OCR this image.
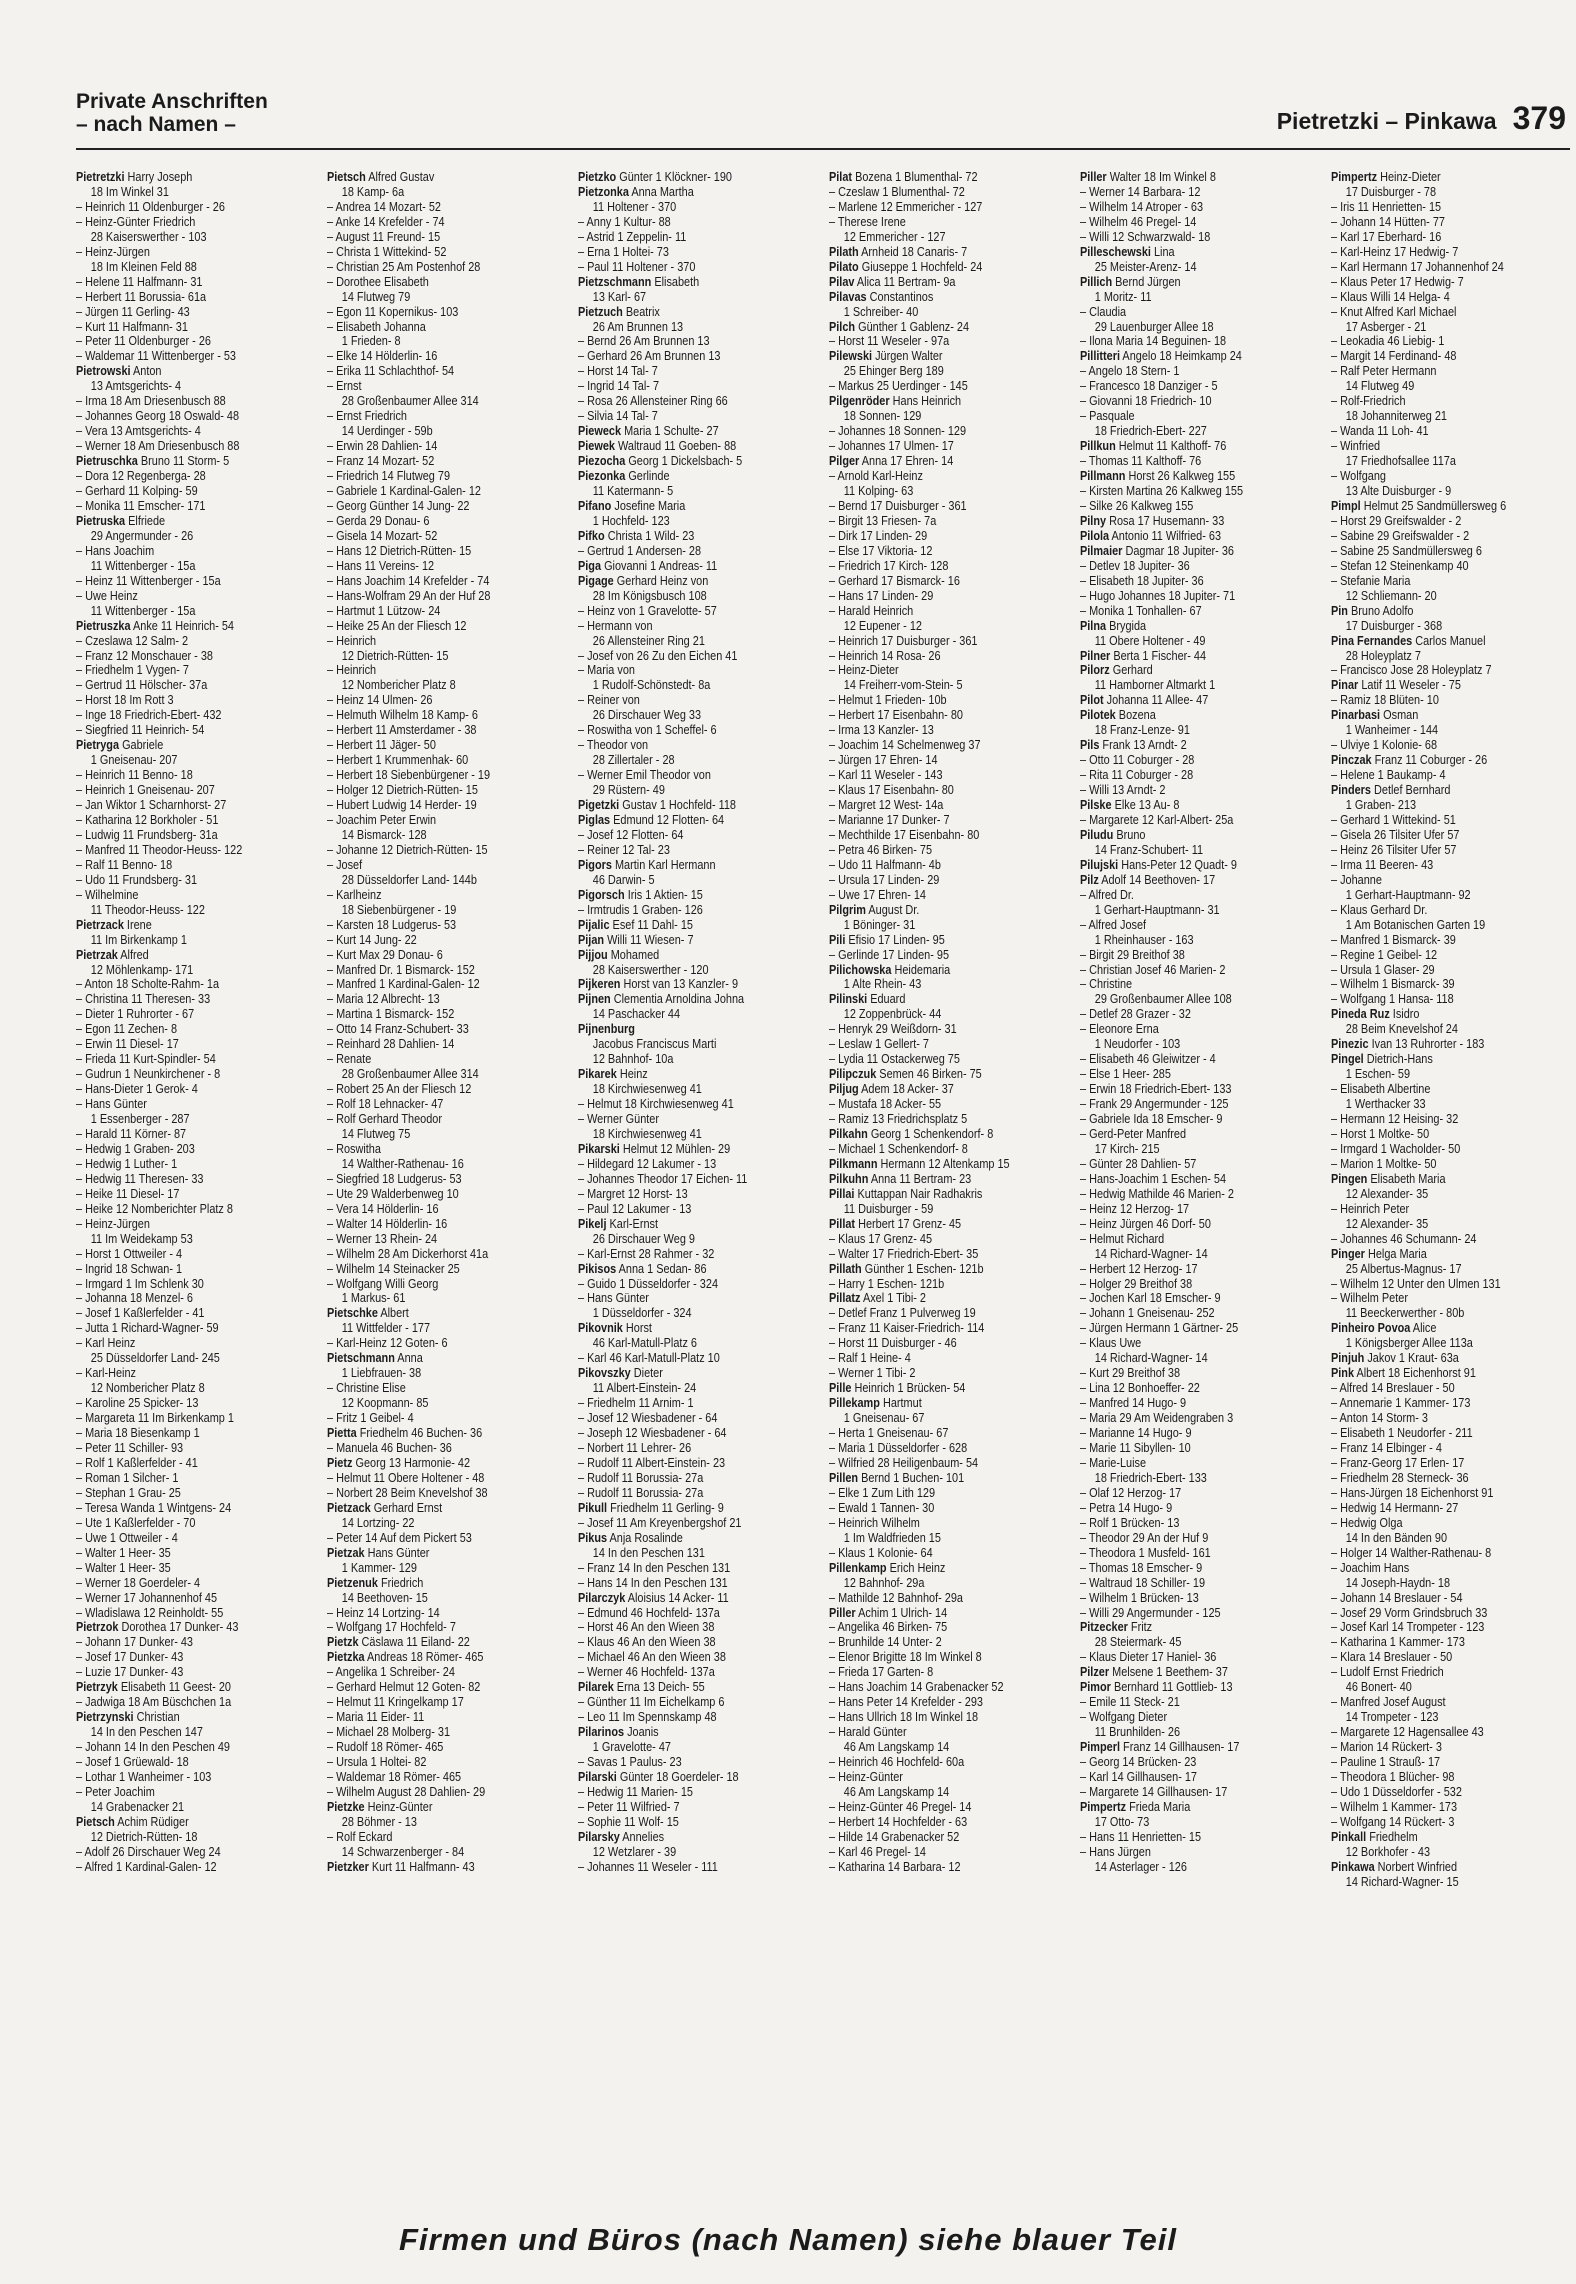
Private Anschriften
– nach Namen –	Pietretzki – Pinkawa 379
Pietretzki Harry Joseph
18 Im Winkel 31
– Heinrich 11 Oldenburger - 26
– Heinz-Günter Friedrich
28 Kaiserswerther - 103
– Heinz-Jürgen
18 Im Kleinen Feld 88
– Helene 11 Halfmann- 31
– Herbert 11 Borussia- 61a
– Jürgen 11 Gerling- 43
– Kurt 11 Halfmann- 31
– Peter 11 Oldenburger - 26
– Waldemar 11 Wittenberger - 53
Pietrowski Anton
13 Amtsgerichts- 4
– Irma 18 Am Driesenbusch 88
– Johannes Georg 18 Oswald- 48
– Vera 13 Amtsgerichts- 4
– Werner 18 Am Driesenbusch 88
Pietruschka Bruno 11 Storm- 5
– Dora 12 Regenberga- 28
– Gerhard 11 Kolping- 59
– Monika 11 Emscher- 171
Pietruska Elfriede
29 Angermunder - 26
– Hans Joachim
11 Wittenberger - 15a
– Heinz 11 Wittenberger - 15a
– Uwe Heinz
11 Wittenberger - 15a
Pietruszka Anke 11 Heinrich- 54
– Czeslawa 12 Salm- 2
– Franz 12 Monschauer - 38
– Friedhelm 1 Vygen- 7
– Gertrud 11 Hölscher- 37a
– Horst 18 Im Rott 3
– Inge 18 Friedrich-Ebert- 432
– Siegfried 11 Heinrich- 54
Pietryga Gabriele
1 Gneisenau- 207
– Heinrich 11 Benno- 18
– Heinrich 1 Gneisenau- 207
– Jan Wiktor 1 Scharnhorst- 27
– Katharina 12 Borkholer - 51
– Ludwig 11 Frundsberg- 31a
– Manfred 11 Theodor-Heuss- 122
– Ralf 11 Benno- 18
– Udo 11 Frundsberg- 31
– Wilhelmine
11 Theodor-Heuss- 122
Pietrzack Irene
11 Im Birkenkamp 1
Pietrzak Alfred
12 Möhlenkamp- 171
– Anton 18 Scholte-Rahm- 1a
– Christina 11 Theresen- 33
– Dieter 1 Ruhrorter - 67
– Egon 11 Zechen- 8
– Erwin 11 Diesel- 17
– Frieda 11 Kurt-Spindler- 54
– Gudrun 1 Neunkirchener - 8
– Hans-Dieter 1 Gerok- 4
– Hans Günter
1 Essenberger - 287
– Harald 11 Körner- 87
– Hedwig 1 Graben- 203
– Hedwig 1 Luther- 1
– Hedwig 11 Theresen- 33
– Heike 11 Diesel- 17
– Heike 12 Nomberichter Platz 8
– Heinz-Jürgen
11 Im Weidekamp 53
– Horst 1 Ottweiler - 4
– Ingrid 18 Schwan- 1
– Irmgard 1 Im Schlenk 30
– Johanna 18 Menzel- 6
– Josef 1 Kaßlerfelder - 41
– Jutta 1 Richard-Wagner- 59
– Karl Heinz
25 Düsseldorfer Land- 245
– Karl-Heinz
12 Nombericher Platz 8
– Karoline 25 Spicker- 13
– Margareta 11 Im Birkenkamp 1
– Maria 18 Biesenkamp 1
– Peter 11 Schiller- 93
– Rolf 1 Kaßlerfelder - 41
– Roman 1 Silcher- 1
– Stephan 1 Grau- 25
– Teresa Wanda 1 Wintgens- 24
– Ute 1 Kaßlerfelder - 70
– Uwe 1 Ottweiler - 4
– Walter 1 Heer- 35
– Walter 1 Heer- 35
– Werner 18 Goerdeler- 4
– Werner 17 Johannenhof 45
– Wladislawa 12 Reinholdt- 55
Pietrzok Dorothea 17 Dunker- 43
– Johann 17 Dunker- 43
– Josef 17 Dunker- 43
– Luzie 17 Dunker- 43
Pietrzyk Elisabeth 11 Geest- 20
– Jadwiga 18 Am Büschchen 1a
Pietrzynski Christian
14 In den Peschen 147
– Johann 14 In den Peschen 49
– Josef 1 Grüewald- 18
– Lothar 1 Wanheimer - 103
– Peter Joachim
14 Grabenacker 21
Pietsch Achim Rüdiger
12 Dietrich-Rütten- 18
– Adolf 26 Dirschauer Weg 24
– Alfred 1 Kardinal-Galen- 12
Pietsch Alfred Gustav
18 Kamp- 6a
– Andrea 14 Mozart- 52
– Anke 14 Krefelder - 74
– August 11 Freund- 15
– Christa 1 Wittekind- 52
– Christian 25 Am Postenhof 28
– Dorothee Elisabeth
14 Flutweg 79
– Egon 11 Kopernikus- 103
– Elisabeth Johanna
1 Frieden- 8
– Elke 14 Hölderlin- 16
– Erika 11 Schlachthof- 54
– Ernst
28 Großenbaumer Allee 314
– Ernst Friedrich
14 Uerdinger - 59b
– Erwin 28 Dahlien- 14
– Franz 14 Mozart- 52
– Friedrich 14 Flutweg 79
– Gabriele 1 Kardinal-Galen- 12
– Georg Günther 14 Jung- 22
– Gerda 29 Donau- 6
– Gisela 14 Mozart- 52
– Hans 12 Dietrich-Rütten- 15
– Hans 11 Vereins- 12
– Hans Joachim 14 Krefelder - 74
– Hans-Wolfram 29 An der Huf 28
– Hartmut 1 Lützow- 24
– Heike 25 An der Fliesch 12
– Heinrich
12 Dietrich-Rütten- 15
– Heinrich
12 Nombericher Platz 8
– Heinz 14 Ulmen- 26
– Helmuth Wilhelm 18 Kamp- 6
– Herbert 11 Amsterdamer - 38
– Herbert 11 Jäger- 50
– Herbert 1 Krummenhak- 60
– Herbert 18 Siebenbürgener - 19
– Holger 12 Dietrich-Rütten- 15
– Hubert Ludwig 14 Herder- 19
– Joachim Peter Erwin
14 Bismarck- 128
– Johanne 12 Dietrich-Rütten- 15
– Josef
28 Düsseldorfer Land- 144b
– Karlheinz
18 Siebenbürgener - 19
– Karsten 18 Ludgerus- 53
– Kurt 14 Jung- 22
– Kurt Max 29 Donau- 6
– Manfred Dr. 1 Bismarck- 152
– Manfred 1 Kardinal-Galen- 12
– Maria 12 Albrecht- 13
– Martina 1 Bismarck- 152
– Otto 14 Franz-Schubert- 33
– Reinhard 28 Dahlien- 14
– Renate
28 Großenbaumer Allee 314
– Robert 25 An der Fliesch 12
– Rolf 18 Lehnacker- 47
– Rolf Gerhard Theodor
14 Flutweg 75
– Roswitha
14 Walther-Rathenau- 16
– Siegfried 18 Ludgerus- 53
– Ute 29 Walderbenweg 10
– Vera 14 Hölderlin- 16
– Walter 14 Hölderlin- 16
– Werner 13 Rhein- 24
– Wilhelm 28 Am Dickerhorst 41a
– Wilhelm 14 Steinacker 25
– Wolfgang Willi Georg
1 Markus- 61
Pietschke Albert
11 Wittfelder - 177
– Karl-Heinz 12 Goten- 6
Pietschmann Anna
1 Liebfrauen- 38
– Christine Elise
12 Koopmann- 85
– Fritz 1 Geibel- 4
Pietta Friedhelm 46 Buchen- 36
– Manuela 46 Buchen- 36
Pietz Georg 13 Harmonie- 42
– Helmut 11 Obere Holtener - 48
– Norbert 28 Beim Knevelshof 38
Pietzack Gerhard Ernst
14 Lortzing- 22
– Peter 14 Auf dem Pickert 53
Pietzak Hans Günter
1 Kammer- 129
Pietzenuk Friedrich
14 Beethoven- 15
– Heinz 14 Lortzing- 14
– Wolfgang 17 Hochfeld- 7
Pietzk Cäslawa 11 Eiland- 22
Pietzka Andreas 18 Römer- 465
– Angelika 1 Schreiber- 24
– Gerhard Helmut 12 Goten- 82
– Helmut 11 Kringelkamp 17
– Maria 11 Eider- 11
– Michael 28 Molberg- 31
– Rudolf 18 Römer- 465
– Ursula 1 Holtei- 82
– Waldemar 18 Römer- 465
– Wilhelm August 28 Dahlien- 29
Pietzke Heinz-Günter
28 Böhmer - 13
– Rolf Eckard
14 Schwarzenberger - 84
Pietzker Kurt 11 Halfmann- 43
Pietzko Günter 1 Klöckner- 190
Pietzonka Anna Martha
11 Holtener - 370
– Anny 1 Kultur- 88
– Astrid 1 Zeppelin- 11
– Erna 1 Holtei- 73
– Paul 11 Holtener - 370
Pietzschmann Elisabeth
13 Karl- 67
Pietzuch Beatrix
26 Am Brunnen 13
– Bernd 26 Am Brunnen 13
– Gerhard 26 Am Brunnen 13
– Horst 14 Tal- 7
– Ingrid 14 Tal- 7
– Rosa 26 Allensteiner Ring 66
– Silvia 14 Tal- 7
Pieweck Maria 1 Schulte- 27
Piewek Waltraud 11 Goeben- 88
Piezocha Georg 1 Dickelsbach- 5
Piezonka Gerlinde
11 Katermann- 5
Pifano Josefine Maria
1 Hochfeld- 123
Pifko Christa 1 Wild- 23
– Gertrud 1 Andersen- 28
Piga Giovanni 1 Andreas- 11
Pigage Gerhard Heinz von
28 Im Königsbusch 108
– Heinz von 1 Gravelotte- 57
– Hermann von
26 Allensteiner Ring 21
– Josef von 26 Zu den Eichen 41
– Maria von
1 Rudolf-Schönstedt- 8a
– Reiner von
26 Dirschauer Weg 33
– Roswitha von 1 Scheffel- 6
– Theodor von
28 Zillertaler - 28
– Werner Emil Theodor von
29 Rüstern- 49
Pigetzki Gustav 1 Hochfeld- 118
Piglas Edmund 12 Flotten- 64
– Josef 12 Flotten- 64
– Reiner 12 Tal- 23
Pigors Martin Karl Hermann
46 Darwin- 5
Pigorsch Iris 1 Aktien- 15
– Irmtrudis 1 Graben- 126
Pijalic Esef 11 Dahl- 15
Pijan Willi 11 Wiesen- 7
Pijjou Mohamed
28 Kaiserswerther - 120
Pijkeren Horst van 13 Kanzler- 9
Pijnen Clementia Arnoldina Johna
14 Paschacker 44
Pijnenburg
Jacobus Franciscus Marti
12 Bahnhof- 10a
Pikarek Heinz
18 Kirchwiesenweg 41
– Helmut 18 Kirchwiesenweg 41
– Werner Günter
18 Kirchwiesenweg 41
Pikarski Helmut 12 Mühlen- 29
– Hildegard 12 Lakumer - 13
– Johannes Theodor 17 Eichen- 11
– Margret 12 Horst- 13
– Paul 12 Lakumer - 13
Pikelj Karl-Ernst
26 Dirschauer Weg 9
– Karl-Ernst 28 Rahmer - 32
Pikisos Anna 1 Sedan- 86
– Guido 1 Düsseldorfer - 324
– Hans Günter
1 Düsseldorfer - 324
Pikovnik Horst
46 Karl-Matull-Platz 6
– Karl 46 Karl-Matull-Platz 10
Pikovszky Dieter
11 Albert-Einstein- 24
– Friedhelm 11 Arnim- 1
– Josef 12 Wiesbadener - 64
– Joseph 12 Wiesbadener - 64
– Norbert 11 Lehrer- 26
– Rudolf 11 Albert-Einstein- 23
– Rudolf 11 Borussia- 27a
– Rudolf 11 Borussia- 27a
Pikull Friedhelm 11 Gerling- 9
– Josef 11 Am Kreyenbergshof 21
Pikus Anja Rosalinde
14 In den Peschen 131
– Franz 14 In den Peschen 131
– Hans 14 In den Peschen 131
Pilarczyk Aloisius 14 Acker- 11
– Edmund 46 Hochfeld- 137a
– Horst 46 An den Wieen 38
– Klaus 46 An den Wieen 38
– Michael 46 An den Wieen 38
– Werner 46 Hochfeld- 137a
Pilarek Erna 13 Deich- 55
– Günther 11 Im Eichelkamp 6
– Leo 11 Im Spennskamp 48
Pilarinos Joanis
1 Gravelotte- 47
– Savas 1 Paulus- 23
Pilarski Günter 18 Goerdeler- 18
– Hedwig 11 Marien- 15
– Peter 11 Wilfried- 7
– Sophie 11 Wolf- 15
Pilarsky Annelies
12 Wetzlarer - 39
– Johannes 11 Weseler - 111
Pilat Bozena 1 Blumenthal- 72
– Czeslaw 1 Blumenthal- 72
– Marlene 12 Emmericher - 127
– Therese Irene
12 Emmericher - 127
Pilath Arnheid 18 Canaris- 7
Pilato Giuseppe 1 Hochfeld- 24
Pilav Alica 11 Bertram- 9a
Pilavas Constantinos
1 Schreiber- 40
Pilch Günther 1 Gablenz- 24
– Horst 11 Weseler - 97a
Pilewski Jürgen Walter
25 Ehinger Berg 189
– Markus 25 Uerdinger - 145
Pilgenröder Hans Heinrich
18 Sonnen- 129
– Johannes 18 Sonnen- 129
– Johannes 17 Ulmen- 17
Pilger Anna 17 Ehren- 14
– Arnold Karl-Heinz
11 Kolping- 63
– Bernd 17 Duisburger - 361
– Birgit 13 Friesen- 7a
– Dirk 17 Linden- 29
– Else 17 Viktoria- 12
– Friedrich 17 Kirch- 128
– Gerhard 17 Bismarck- 16
– Hans 17 Linden- 29
– Harald Heinrich
12 Eupener - 12
– Heinrich 17 Duisburger - 361
– Heinrich 14 Rosa- 26
– Heinz-Dieter
14 Freiherr-vom-Stein- 5
– Helmut 1 Frieden- 10b
– Herbert 17 Eisenbahn- 80
– Irma 13 Kanzler- 13
– Joachim 14 Schelmenweg 37
– Jürgen 17 Ehren- 14
– Karl 11 Weseler - 143
– Klaus 17 Eisenbahn- 80
– Margret 12 West- 14a
– Marianne 17 Dunker- 7
– Mechthilde 17 Eisenbahn- 80
– Petra 46 Birken- 75
– Udo 11 Halfmann- 4b
– Ursula 17 Linden- 29
– Uwe 17 Ehren- 14
Pilgrim August Dr.
1 Böninger- 31
Pili Efisio 17 Linden- 95
– Gerlinde 17 Linden- 95
Pilichowska Heidemaria
1 Alte Rhein- 43
Pilinski Eduard
12 Zoppenbrück- 44
– Henryk 29 Weißdorn- 31
– Leslaw 1 Gellert- 7
– Lydia 11 Ostackerweg 75
Pilipczuk Semen 46 Birken- 75
Piljug Adem 18 Acker- 37
– Mustafa 18 Acker- 55
– Ramiz 13 Friedrichsplatz 5
Pilkahn Georg 1 Schenkendorf- 8
– Michael 1 Schenkendorf- 8
Pilkmann Hermann 12 Altenkamp 15
Pilkuhn Anna 11 Bertram- 23
Pillai Kuttappan Nair Radhakris
11 Duisburger - 59
Pillat Herbert 17 Grenz- 45
– Klaus 17 Grenz- 45
– Walter 17 Friedrich-Ebert- 35
Pillath Günther 1 Eschen- 121b
– Harry 1 Eschen- 121b
Pillatz Axel 1 Tibi- 2
– Detlef Franz 1 Pulverweg 19
– Franz 11 Kaiser-Friedrich- 114
– Horst 11 Duisburger - 46
– Ralf 1 Heine- 4
– Werner 1 Tibi- 2
Pille Heinrich 1 Brücken- 54
Pillekamp Hartmut
1 Gneisenau- 67
– Herta 1 Gneisenau- 67
– Maria 1 Düsseldorfer - 628
– Wilfried 28 Heiligenbaum- 54
Pillen Bernd 1 Buchen- 101
– Elke 1 Zum Lith 129
– Ewald 1 Tannen- 30
– Heinrich Wilhelm
1 Im Waldfrieden 15
– Klaus 1 Kolonie- 64
Pillenkamp Erich Heinz
12 Bahnhof- 29a
– Mathilde 12 Bahnhof- 29a
Piller Achim 1 Ulrich- 14
– Angelika 46 Birken- 75
– Brunhilde 14 Unter- 2
– Elenor Brigitte 18 Im Winkel 8
– Frieda 17 Garten- 8
– Hans Joachim 14 Grabenacker 52
– Hans Peter 14 Krefelder - 293
– Hans Ullrich 18 Im Winkel 18
– Harald Günter
46 Am Langskamp 14
– Heinrich 46 Hochfeld- 60a
– Heinz-Günter
46 Am Langskamp 14
– Heinz-Günter 46 Pregel- 14
– Herbert 14 Hochfelder - 63
– Hilde 14 Grabenacker 52
– Karl 46 Pregel- 14
– Katharina 14 Barbara- 12
Piller Walter 18 Im Winkel 8
– Werner 14 Barbara- 12
– Wilhelm 14 Atroper - 63
– Wilhelm 46 Pregel- 14
– Willi 12 Schwarzwald- 18
Pilleschewski Lina
25 Meister-Arenz- 14
Pillich Bernd Jürgen
1 Moritz- 11
– Claudia
29 Lauenburger Allee 18
– Ilona Maria 14 Beguinen- 18
Pillitteri Angelo 18 Heimkamp 24
– Angelo 18 Stern- 1
– Francesco 18 Danziger - 5
– Giovanni 18 Friedrich- 10
– Pasquale
18 Friedrich-Ebert- 227
Pillkun Helmut 11 Kalthoff- 76
– Thomas 11 Kalthoff- 76
Pillmann Horst 26 Kalkweg 155
– Kirsten Martina 26 Kalkweg 155
– Silke 26 Kalkweg 155
Pilny Rosa 17 Husemann- 33
Pilola Antonio 11 Wilfried- 63
Pilmaier Dagmar 18 Jupiter- 36
– Detlev 18 Jupiter- 36
– Elisabeth 18 Jupiter- 36
– Hugo Johannes 18 Jupiter- 71
– Monika 1 Tonhallen- 67
Pilna Brygida
11 Obere Holtener - 49
Pilner Berta 1 Fischer- 44
Pilorz Gerhard
11 Hamborner Altmarkt 1
Pilot Johanna 11 Allee- 47
Pilotek Bozena
18 Franz-Lenze- 91
Pils Frank 13 Arndt- 2
– Otto 11 Coburger - 28
– Rita 11 Coburger - 28
– Willi 13 Arndt- 2
Pilske Elke 13 Au- 8
– Margarete 12 Karl-Albert- 25a
Piludu Bruno
14 Franz-Schubert- 11
Pilujski Hans-Peter 12 Quadt- 9
Pilz Adolf 14 Beethoven- 17
– Alfred Dr.
1 Gerhart-Hauptmann- 31
– Alfred Josef
1 Rheinhauser - 163
– Birgit 29 Breithof 38
– Christian Josef 46 Marien- 2
– Christine
29 Großenbaumer Allee 108
– Detlef 28 Grazer - 32
– Eleonore Erna
1 Neudorfer - 103
– Elisabeth 46 Gleiwitzer - 4
– Else 1 Heer- 285
– Erwin 18 Friedrich-Ebert- 133
– Frank 29 Angermunder - 125
– Gabriele Ida 18 Emscher- 9
– Gerd-Peter Manfred
17 Kirch- 215
– Günter 28 Dahlien- 57
– Hans-Joachim 1 Eschen- 54
– Hedwig Mathilde 46 Marien- 2
– Heinz 12 Herzog- 17
– Heinz Jürgen 46 Dorf- 50
– Helmut Richard
14 Richard-Wagner- 14
– Herbert 12 Herzog- 17
– Holger 29 Breithof 38
– Jochen Karl 18 Emscher- 9
– Johann 1 Gneisenau- 252
– Jürgen Hermann 1 Gärtner- 25
– Klaus Uwe
14 Richard-Wagner- 14
– Kurt 29 Breithof 38
– Lina 12 Bonhoeffer- 22
– Manfred 14 Hugo- 9
– Maria 29 Am Weidengraben 3
– Marianne 14 Hugo- 9
– Marie 11 Sibyllen- 10
– Marie-Luise
18 Friedrich-Ebert- 133
– Olaf 12 Herzog- 17
– Petra 14 Hugo- 9
– Rolf 1 Brücken- 13
– Theodor 29 An der Huf 9
– Theodora 1 Musfeld- 161
– Thomas 18 Emscher- 9
– Waltraud 18 Schiller- 19
– Wilhelm 1 Brücken- 13
– Willi 29 Angermunder - 125
Pitzecker Fritz
28 Steiermark- 45
– Klaus Dieter 17 Haniel- 36
Pilzer Melsene 1 Beethem- 37
Pimor Bernhard 11 Gottlieb- 13
– Emile 11 Steck- 21
– Wolfgang Dieter
11 Brunhilden- 26
Pimperl Franz 14 Gillhausen- 17
– Georg 14 Brücken- 23
– Karl 14 Gillhausen- 17
– Margarete 14 Gillhausen- 17
Pimpertz Frieda Maria
17 Otto- 73
– Hans 11 Henrietten- 15
– Hans Jürgen
14 Asterlager - 126
Pimpertz Heinz-Dieter
17 Duisburger - 78
– Iris 11 Henrietten- 15
– Johann 14 Hütten- 77
– Karl 17 Eberhard- 16
– Karl-Heinz 17 Hedwig- 7
– Karl Hermann 17 Johannenhof 24
– Klaus Peter 17 Hedwig- 7
– Klaus Willi 14 Helga- 4
– Knut Alfred Karl Michael
17 Asberger - 21
– Leokadia 46 Liebig- 1
– Margit 14 Ferdinand- 48
– Ralf Peter Hermann
14 Flutweg 49
– Rolf-Friedrich
18 Johanniterweg 21
– Wanda 11 Loh- 41
– Winfried
17 Friedhofsallee 117a
– Wolfgang
13 Alte Duisburger - 9
Pimpl Helmut 25 Sandmüllersweg 6
– Horst 29 Greifswalder - 2
– Sabine 29 Greifswalder - 2
– Sabine 25 Sandmüllersweg 6
– Stefan 12 Steinenkamp 40
– Stefanie Maria
12 Schliemann- 20
Pin Bruno Adolfo
17 Duisburger - 368
Pina Fernandes Carlos Manuel
28 Holeyplatz 7
– Francisco Jose 28 Holeyplatz 7
Pinar Latif 11 Weseler - 75
– Ramiz 18 Blüten- 10
Pinarbasi Osman
1 Wanheimer - 144
– Ulviye 1 Kolonie- 68
Pinczak Franz 11 Coburger - 26
– Helene 1 Baukamp- 4
Pinders Detlef Bernhard
1 Graben- 213
– Gerhard 1 Wittekind- 51
– Gisela 26 Tilsiter Ufer 57
– Heinz 26 Tilsiter Ufer 57
– Irma 11 Beeren- 43
– Johanne
1 Gerhart-Hauptmann- 92
– Klaus Gerhard Dr.
1 Am Botanischen Garten 19
– Manfred 1 Bismarck- 39
– Regine 1 Geibel- 12
– Ursula 1 Glaser- 29
– Wilhelm 1 Bismarck- 39
– Wolfgang 1 Hansa- 118
Pineda Ruz Isidro
28 Beim Knevelshof 24
Pinezic Ivan 13 Ruhrorter - 183
Pingel Dietrich-Hans
1 Eschen- 59
– Elisabeth Albertine
1 Werthacker 33
– Hermann 12 Heising- 32
– Horst 1 Moltke- 50
– Irmgard 1 Wacholder- 50
– Marion 1 Moltke- 50
Pingen Elisabeth Maria
12 Alexander- 35
– Heinrich Peter
12 Alexander- 35
– Johannes 46 Schumann- 24
Pinger Helga Maria
25 Albertus-Magnus- 17
– Wilhelm 12 Unter den Ulmen 131
– Wilhelm Peter
11 Beeckerwerther - 80b
Pinheiro Povoa Alice
1 Königsberger Allee 113a
Pinjuh Jakov 1 Kraut- 63a
Pink Albert 18 Eichenhorst 91
– Alfred 14 Breslauer - 50
– Annemarie 1 Kammer- 173
– Anton 14 Storm- 3
– Elisabeth 1 Neudorfer - 211
– Franz 14 Elbinger - 4
– Franz-Georg 17 Erlen- 17
– Friedhelm 28 Sterneck- 36
– Hans-Jürgen 18 Eichenhorst 91
– Hedwig 14 Hermann- 27
– Hedwig Olga
14 In den Bänden 90
– Holger 14 Walther-Rathenau- 8
– Joachim Hans
14 Joseph-Haydn- 18
– Johann 14 Breslauer - 54
– Josef 29 Vorm Grindsbruch 33
– Josef Karl 14 Trompeter - 123
– Katharina 1 Kammer- 173
– Klara 14 Breslauer - 50
– Ludolf Ernst Friedrich
46 Bonert- 40
– Manfred Josef August
14 Trompeter - 123
– Margarete 12 Hagensallee 43
– Marion 14 Rückert- 3
– Pauline 1 Strauß- 17
– Theodora 1 Blücher- 98
– Udo 1 Düsseldorfer - 532
– Wilhelm 1 Kammer- 173
– Wolfgang 14 Rückert- 3
Pinkall Friedhelm
12 Borkhofer - 43
Pinkawa Norbert Winfried
14 Richard-Wagner- 15
Firmen und Büros (nach Namen) siehe blauer Teil
